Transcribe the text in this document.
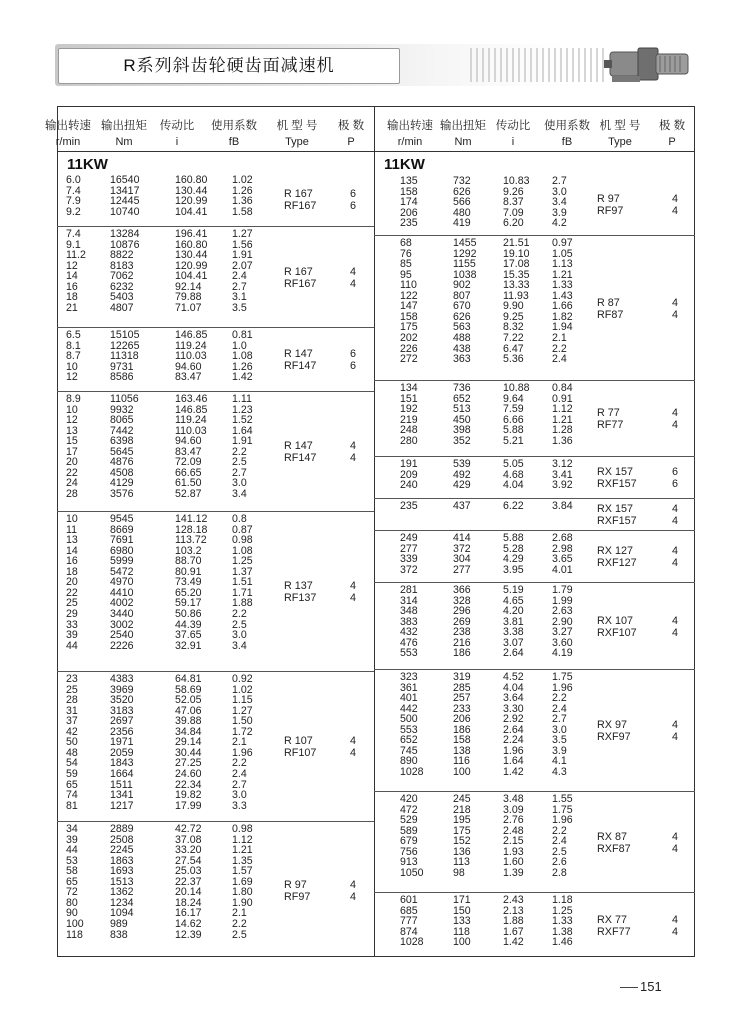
R系列斜齿轮硬齿面减速机
输出转速
r/min
输出扭矩
Nm
传动比
i
使用系数
fB
机 型 号
Type
极 数
P
输出转速
r/min
输出扭矩
Nm
传动比
i
使用系数
fB
机 型 号
Type
极 数
P
11KW
6.0	16540	160.80 1.02
7.4	13417	130.44 1.26
7.9	12445	120.99 1.36
9.2	10740	104.41 1.58
R 167	6
RF167	6
7.4	13284	196.41 1.27
9.1	10876	160.80 1.56
11.2 8822	130.44 1.91
12	8183	120.99 2.07
14	7062	104.41 2.4
16	6232	92.14	2.7
18	5403	79.88	3.1
21	4807	71.07	3.5
R 167	4
RF167	4
6.5	15105	146.85 0.81
8.1	12265	119.24 1.0
8.7	11318	110.03 1.08
10	9731	94.60	1.26
12	8586	83.47	1.42
R 147	6
RF147	6
8.9	11056	163.46 1.11
10	9932	146.85 1.23
12	8065	119.24 1.52
13	7442	110.03 1.64
15	6398	94.60	1.91
17	5645	83.47	2.2
20	4876	72.09	2.5
22	4508	66.65	2.7
24	4129	61.50	3.0
28	3576	52.87	3.4
R 147	4
RF147	4
10	9545	141.12 0.8
11	8669	128.18 0.87
13	7691	113.72 0.98
14	6980	103.2	1.08
16	5999	88.70	1.25
18	5472	80.91	1.37
20	4970	73.49	1.51
22	4410	65.20	1.71
25	4002	59.17	1.88
29	3440	50.86	2.2
33	3002	44.39	2.5
39	2540	37.65	3.0
44	2226	32.91	3.4
R 137	4
RF137	4
23	4383	64.81	0.92
25	3969	58.69	1.02
28	3520	52.05	1.15
31	3183	47.06	1.27
37	2697	39.88	1.50
42	2356	34.84	1.72
50	1971	29.14	2.1
48	2059	30.44	1.96
54	1843	27.25	2.2
59	1664	24.60	2.4
65	1511	22.34	2.7
74	1341	19.82	3.0
81	1217	17.99	3.3
R 107	4
RF107	4
34	2889	42.72	0.98
39	2508	37.08	1.12
44	2245	33.20	1.21
53	1863	27.54	1.35
58	1693	25.03	1.57
65	1513	22.37	1.69
72	1362	20.14	1.80
80	1234	18.24	1.90
90	1094	16.17	2.1
100 989	14.62	2.2
118	838	12.39	2.5
R 97	4
RF97	4
11KW
135	732	10.83 2.7
158	626	9.26	3.0
174	566	8.37	3.4
206	480	7.09	3.9
235	419	6.20	4.2
R 97	4
RF97	4
68	1455 21.51 0.97
76	1292 19.10 1.05
85	1155	17.08 1.13
95	1038 15.35 1.21
110	902	13.33 1.33
122	807	11.93 1.43
147	670	9.90	1.66
158	626	9.25	1.82
175	563	8.32	1.94
202	488	7.22	2.1
226	438	6.47	2.2
272	363	5.36	2.4
R 87	4
RF87	4
134	736	10.88 0.84
151	652	9.64	0.91
192	513	7.59	1.12
219	450	6.66	1.21
248	398	5.88	1.28
280	352	5.21	1.36
R 77	4
RF77	4
191	539	5.05	3.12
209	492	4.68	3.41
240	429	4.04	3.92
RX 157	6
RXF157	6
235	437	6.22	3.84 RX 157	4
RXF157	4
249	414	5.88	2.68
277	372	5.28	2.98
339	304	4.29	3.65
372	277	3.95	4.01
RX 127	4
RXF127	4
281	366	5.19	1.79
314	328	4.65	1.99
348	296	4.20	2.63
383	269	3.81	2.90
432	238	3.38	3.27
476	216	3.07	3.60
553	186	2.64	4.19
RX 107	4
RXF107	4
323	319	4.52	1.75
361	285	4.04	1.96
401	257	3.64	2.2
442	233	3.30	2.4
500	206	2.92	2.7
553	186	2.64	3.0
652	158	2.24	3.5
745	138	1.96	3.9
890	116	1.64	4.1
1028	100	1.42	4.3
RX 97	4
RXF97	4
420	245	3.48	1.55
472	218	3.09	1.75
529	195	2.76	1.96
589	175	2.48	2.2
679	152	2.15	2.4
756	136	1.93	2.5
913	113	1.60	2.6
1050	98	1.39	2.8
RX 87	4
RXF87	4
601	171	2.43	1.18
685	150	2.13	1.25
777	133	1.88	1.33
874	118	1.67	1.38
1028	100	1.42	1.46
RX 77	4
RXF77	4
151
